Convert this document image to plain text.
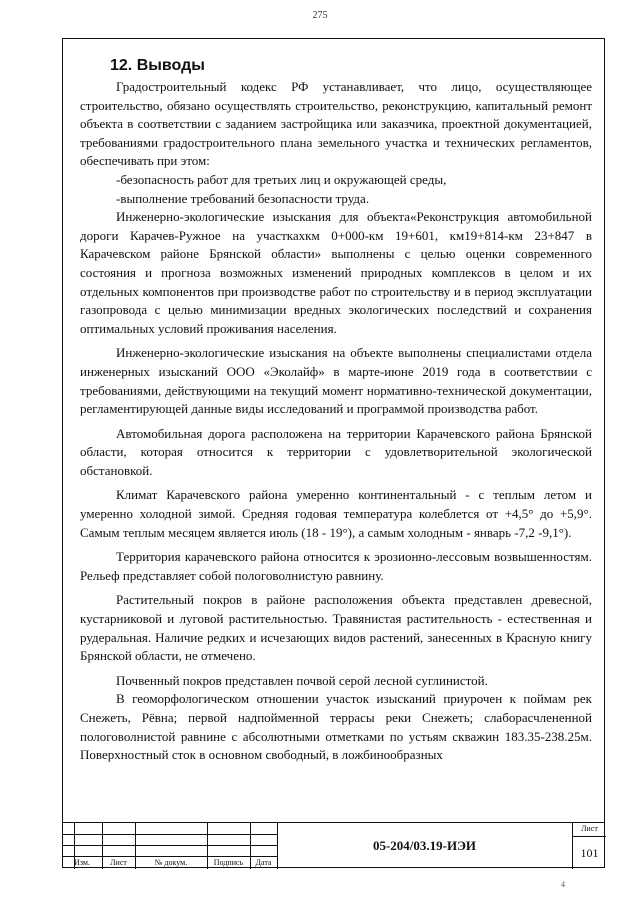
275
12. Выводы

Градостроительный кодекс РФ устанавливает, что лицо, осуществляющее строительство, обязано осуществлять строительство, реконструкцию, капитальный ремонт объекта в соответствии с заданием застройщика или заказчика, проектной документацией, требованиями градостроительного плана земельного участка и технических регламентов, обеспечивать при этом:

-безопасность работ для третьих лиц и окружающей среды,

-выполнение требований безопасности труда.

Инженерно-экологические изыскания для объекта«Реконструкция автомобильной дороги Карачев-Ружное на участкахкм 0+000-км 19+601, км19+814-км 23+847 в Карачевском районе Брянской области» выполнены с целью оценки современного состояния и прогноза возможных изменений природных комплексов в целом и их отдельных компонентов при производстве работ по строительству и в период эксплуатации газопровода с целью минимизации вредных экологических последствий и сохранения оптимальных условий проживания населения.

Инженерно-экологические изыскания на объекте выполнены специалистами отдела инженерных изысканий ООО «Эколайф» в марте-июне 2019 года в соответствии с требованиями, действующими на текущий момент нормативно-технической документации, регламентирующей данные виды исследований и программой производства работ.

Автомобильная дорога расположена на территории Карачевского района Брянской области, которая относится к территории с удовлетворительной экологической обстановкой.

Климат Карачевского района умеренно континентальный - с теплым летом и умеренно холодной зимой. Средняя годовая температура колеблется от +4,5° до +5,9°. Самым теплым месяцем является июль (18 - 19°), а самым холодным - январь -7,2 -9,1°).

Территория карачевского района относится к эрозионно-лессовым возвышенностям. Рельеф представляет собой пологоволнистую равнину.

Растительный покров в районе расположения объекта представлен древесной, кустарниковой и луговой растительностью. Травянистая растительность - естественная и рудеральная. Наличие редких и исчезающих видов растений, занесенных в Красную книгу Брянской области, не отмечено.

Почвенный покров представлен почвой серой лесной суглинистой.

В геоморфологическом отношении участок изысканий приурочен к поймам рек Снежеть, Рёвна; первой надпойменной террасы реки Снежеть; слаборасчлененной пологоволнистой равнине с абсолютными отметками по устьям скважин 183.35-238.25м. Поверхностный сток в основном свободный, в ложбинообразных

Изм.	Лист	№ докум.	Подпись	Дата
05-204/03.19-ИЭИ
Лист
101
4
